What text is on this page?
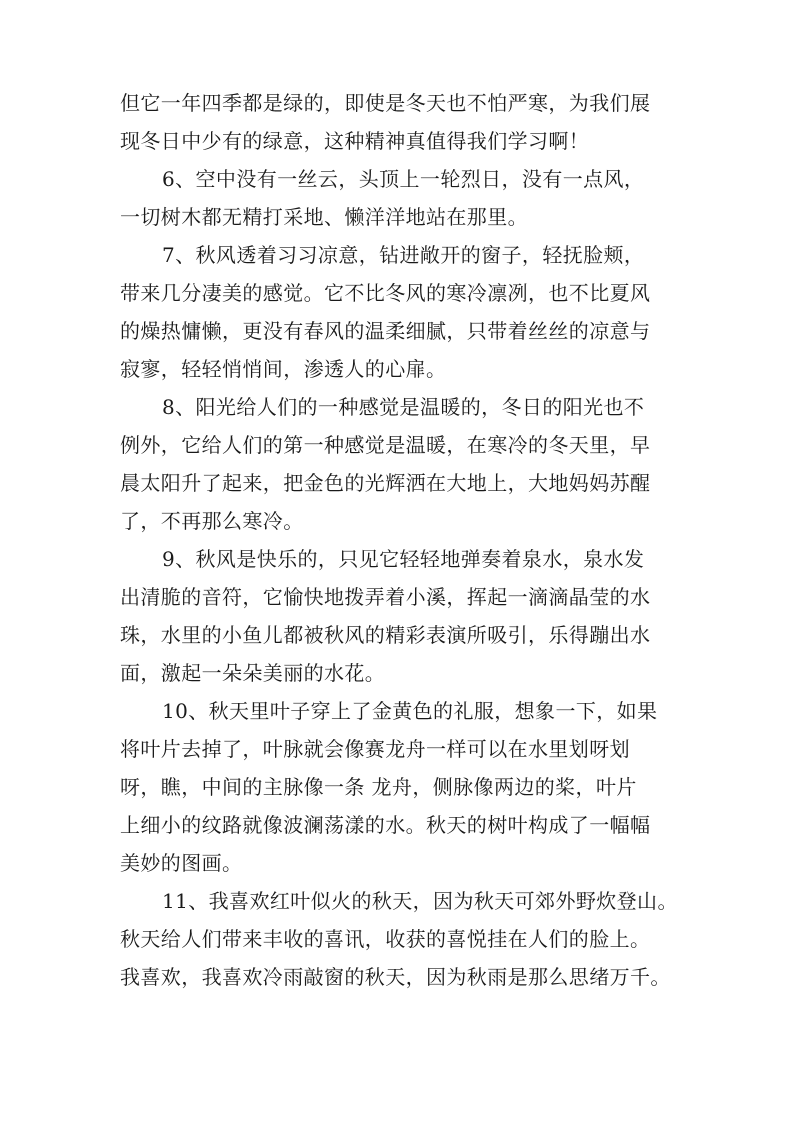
但它一年四季都是绿的，即使是冬天也不怕严寒，为我们展
现冬日中少有的绿意，这种精神真值得我们学习啊！
6、空中没有一丝云，头顶上一轮烈日，没有一点风，
一切树木都无精打采地、懒洋洋地站在那里。
7、秋风透着习习凉意，钻进敞开的窗子，轻抚脸颊，
带来几分凄美的感觉。它不比冬风的寒冷凛冽，也不比夏风
的燥热慵懒，更没有春风的温柔细腻，只带着丝丝的凉意与
寂寥，轻轻悄悄间，渗透人的心扉。
8、阳光给人们的一种感觉是温暖的，冬日的阳光也不
例外，它给人们的第一种感觉是温暖，在寒冷的冬天里，早
晨太阳升了起来，把金色的光辉洒在大地上，大地妈妈苏醒
了，不再那么寒冷。
9、秋风是快乐的，只见它轻轻地弹奏着泉水，泉水发
出清脆的音符，它愉快地拨弄着小溪，挥起一滴滴晶莹的水
珠，水里的小鱼儿都被秋风的精彩表演所吸引，乐得蹦出水
面，激起一朵朵美丽的水花。
10、秋天里叶子穿上了金黄色的礼服，想象一下，如果
将叶片去掉了，叶脉就会像赛龙舟一样可以在水里划呀划
呀，瞧，中间的主脉像一条 龙舟，侧脉像两边的桨，叶片
上细小的纹路就像波澜荡漾的水。秋天的树叶构成了一幅幅
美妙的图画。
11、我喜欢红叶似火的秋天，因为秋天可郊外野炊登山。
秋天给人们带来丰收的喜讯，收获的喜悦挂在人们的脸上。
我喜欢，我喜欢冷雨敲窗的秋天，因为秋雨是那么思绪万千。
